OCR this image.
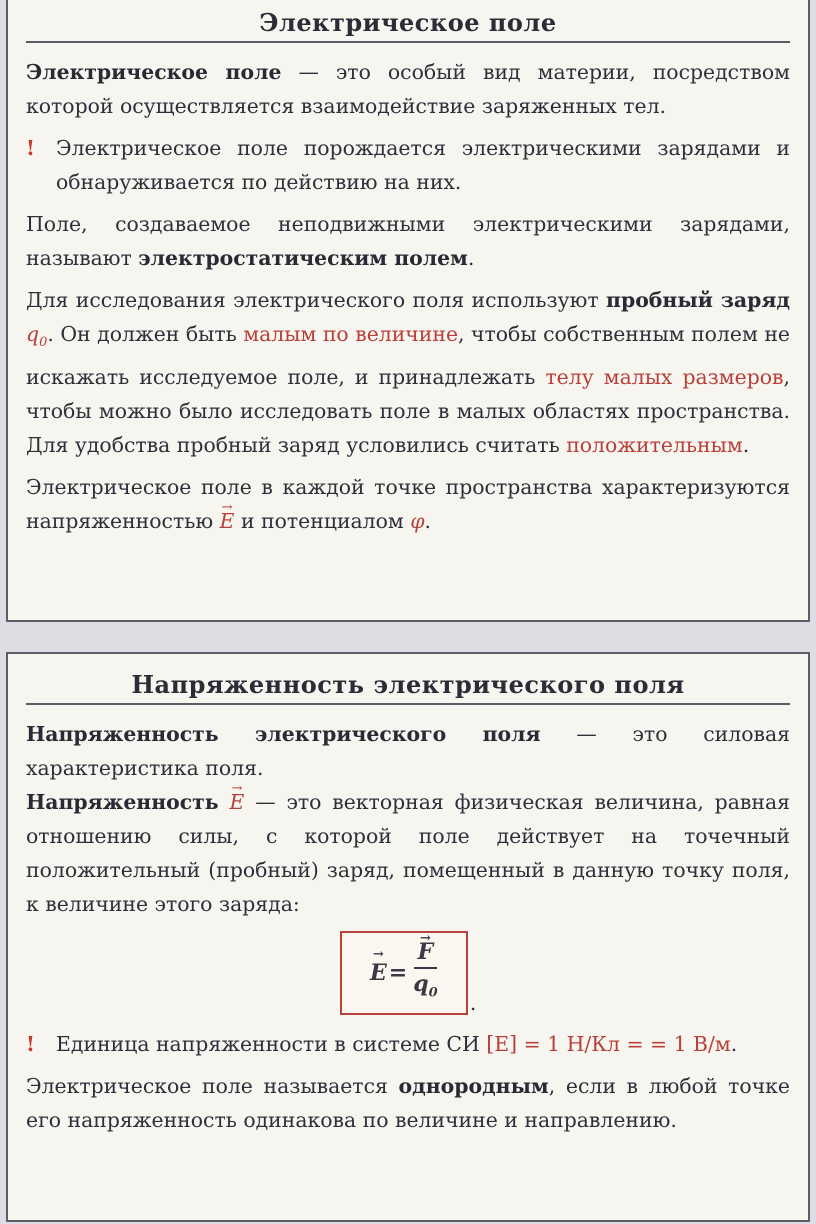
Электрическое поле

Электрическое поле — это особый вид материи, посредством которой осуществляется взаимодействие заряженных тел.

! Электрическое поле порождается электрическими зарядами и обнаруживается по действию на них.

Поле, создаваемое неподвижными электрическими зарядами, называют электростатическим полем.

Для исследования электрического поля используют пробный заряд $q_0$. Он должен быть малым по величине, чтобы собственным полем не искажать исследуемое поле, и принадлежать телу малых размеров, чтобы можно было исследовать поле в малых областях пространства. Для удобства пробный заряд условились считать положительным.

Электрическое поле в каждой точке пространства характеризуются напряженностью → E и потенциалом φ.

Напряженность электрического поля

Напряженность электрического поля — это силовая характеристика поля.

Напряженность → E — это векторная физическая величина, равная отношению силы, с которой поле действует на точечный положительный (пробный) заряд, помещенный в данную точку поля, к величине этого заряда:

→ E = → $\frac{F}{q_0}$ .

! Единица напряженности в системе СИ [E] = 1 Н/Кл = = 1 В/м.

Электрическое поле называется однородным, если в любой точке его напряженность одинакова по величине и направлению.
